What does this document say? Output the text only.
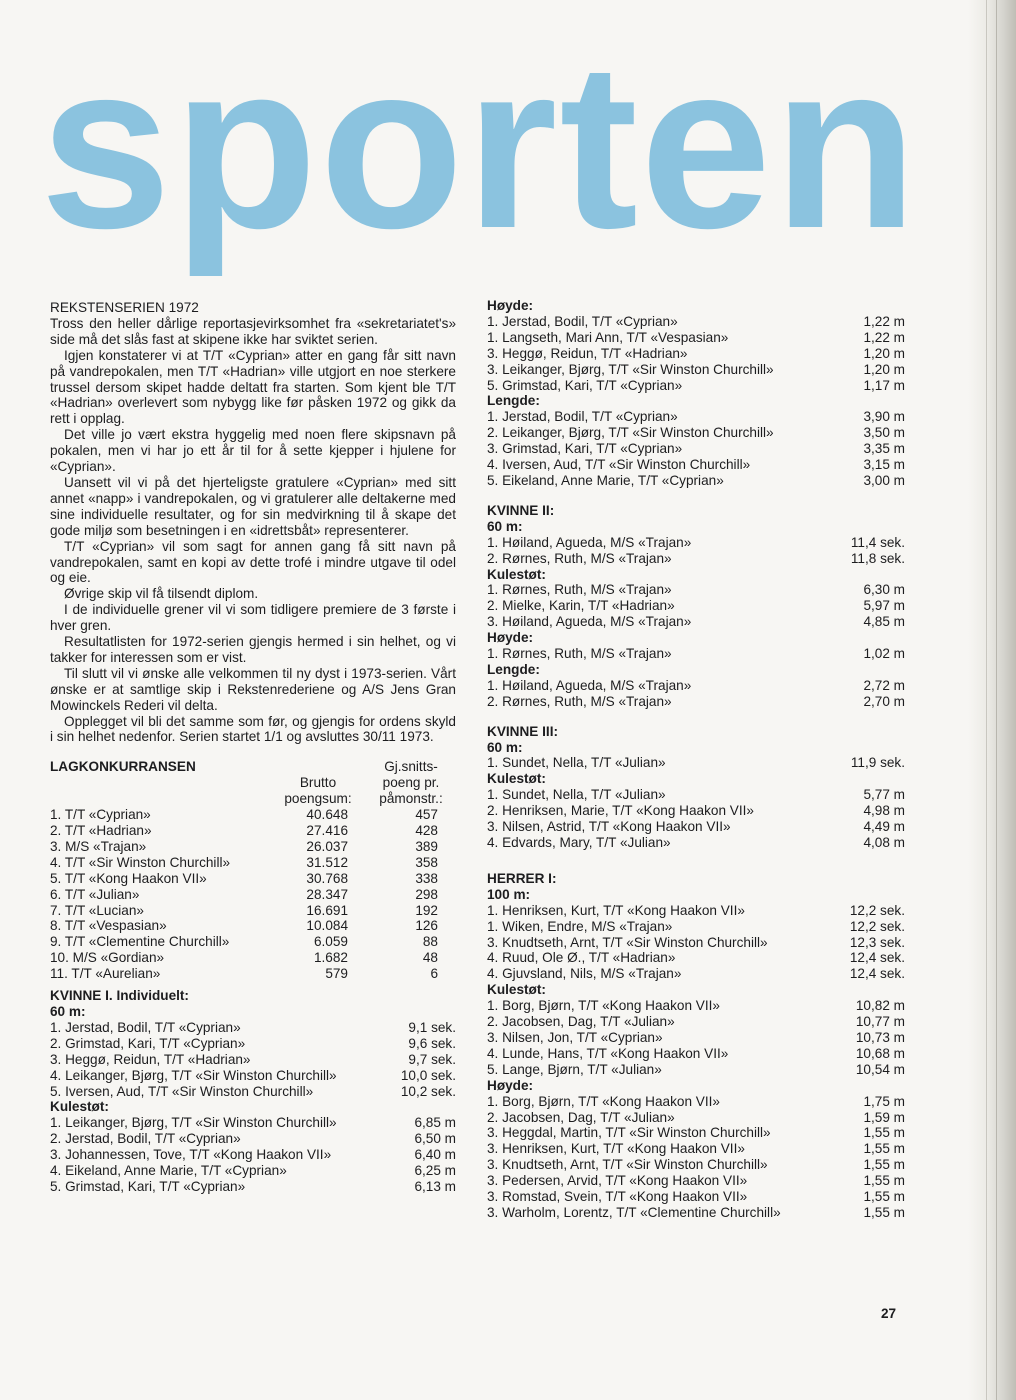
sporten
REKSTENSERIEN 1972

Tross den heller dårlige reportasjevirksomhet fra «sekretariatet's» side må det slås fast at skipene ikke har sviktet serien.

Igjen konstaterer vi at T/T «Cyprian» atter en gang får sitt navn på vandrepokalen, men T/T «Hadrian» ville utgjort en noe sterkere trussel dersom skipet hadde deltatt fra starten. Som kjent ble T/T «Hadrian» overlevert som nybygg like før påsken 1972 og gikk da rett i opplag.

Det ville jo vært ekstra hyggelig med noen flere skipsnavn på pokalen, men vi har jo ett år til for å sette kjepper i hjulene for «Cyprian».

Uansett vil vi på det hjerteligste gratulere «Cyprian» med sitt annet «napp» i vandrepokalen, og vi gratulerer alle deltakerne med sine individuelle resultater, og for sin medvirkning til å skape det gode miljø som besetningen i en «idrettsbåt» representerer.

T/T «Cyprian» vil som sagt for annen gang få sitt navn på vandrepokalen, samt en kopi av dette trofé i mindre utgave til odel og eie.

Øvrige skip vil få tilsendt diplom.

I de individuelle grener vil vi som tidligere premiere de 3 første i hver gren.

Resultatlisten for 1972-serien gjengis hermed i sin helhet, og vi takker for interessen som er vist.

Til slutt vil vi ønske alle velkommen til ny dyst i 1973-serien. Vårt ønske er at samtlige skip i Rekstenrederiene og A/S Jens Gran Mowinckels Rederi vil delta.

Opplegget vil bli det samme som før, og gjengis for ordens skyld i sin helhet nedenfor. Serien startet 1/1 og avsluttes 30/11 1973.

LAGKONKURRANSEN	Gj.snitts-
Brutto	poeng pr.
poengsum:	påmonstr.:
1. T/T «Cyprian»	40.648	457
2. T/T «Hadrian»	27.416	428
3. M/S «Trajan»	26.037	389
4. T/T «Sir Winston Churchill»	31.512	358
5. T/T «Kong Haakon VII»	30.768	338
6. T/T «Julian»	28.347	298
7. T/T «Lucian»	16.691	192
8. T/T «Vespasian»	10.084	126
9. T/T «Clementine Churchill»	6.059	88
10. M/S «Gordian»	1.682	48
11. T/T «Aurelian»	579	6
KVINNE I. Individuelt:
60 m:
1. Jerstad, Bodil, T/T «Cyprian»	9,1 sek.
2. Grimstad, Kari, T/T «Cyprian»	9,6 sek.
3. Heggø, Reidun, T/T «Hadrian»	9,7 sek.
4. Leikanger, Bjørg, T/T «Sir Winston Churchill»	10,0 sek.
5. Iversen, Aud, T/T «Sir Winston Churchill»	10,2 sek.
Kulestøt:
1. Leikanger, Bjørg, T/T «Sir Winston Churchill»	6,85 m
2. Jerstad, Bodil, T/T «Cyprian»	6,50 m
3. Johannessen, Tove, T/T «Kong Haakon VII»	6,40 m
4. Eikeland, Anne Marie, T/T «Cyprian»	6,25 m
5. Grimstad, Kari, T/T «Cyprian»	6,13 m
Høyde:
1. Jerstad, Bodil, T/T «Cyprian»	1,22 m
1. Langseth, Mari Ann, T/T «Vespasian»	1,22 m
3. Heggø, Reidun, T/T «Hadrian»	1,20 m
3. Leikanger, Bjørg, T/T «Sir Winston Churchill»	1,20 m
5. Grimstad, Kari, T/T «Cyprian»	1,17 m
Lengde:
1. Jerstad, Bodil, T/T «Cyprian»	3,90 m
2. Leikanger, Bjørg, T/T «Sir Winston Churchill»	3,50 m
3. Grimstad, Kari, T/T «Cyprian»	3,35 m
4. Iversen, Aud, T/T «Sir Winston Churchill»	3,15 m
5. Eikeland, Anne Marie, T/T «Cyprian»	3,00 m
KVINNE II:
60 m:
1. Høiland, Agueda, M/S «Trajan»	11,4 sek.
2. Rørnes, Ruth, M/S «Trajan»	11,8 sek.
Kulestøt:
1. Rørnes, Ruth, M/S «Trajan»	6,30 m
2. Mielke, Karin, T/T «Hadrian»	5,97 m
3. Høiland, Agueda, M/S «Trajan»	4,85 m
Høyde:
1. Rørnes, Ruth, M/S «Trajan»	1,02 m
Lengde:
1. Høiland, Agueda, M/S «Trajan»	2,72 m
2. Rørnes, Ruth, M/S «Trajan»	2,70 m
KVINNE III:
60 m:
1. Sundet, Nella, T/T «Julian»	11,9 sek.
Kulestøt:
1. Sundet, Nella, T/T «Julian»	5,77 m
2. Henriksen, Marie, T/T «Kong Haakon VII»	4,98 m
3. Nilsen, Astrid, T/T «Kong Haakon VII»	4,49 m
4. Edvards, Mary, T/T «Julian»	4,08 m
HERRER I:
100 m:
1. Henriksen, Kurt, T/T «Kong Haakon VII»	12,2 sek.
1. Wiken, Endre, M/S «Trajan»	12,2 sek.
3. Knudtseth, Arnt, T/T «Sir Winston Churchill»	12,3 sek.
4. Ruud, Ole Ø., T/T «Hadrian»	12,4 sek.
4. Gjuvsland, Nils, M/S «Trajan»	12,4 sek.
Kulestøt:
1. Borg, Bjørn, T/T «Kong Haakon VII»	10,82 m
2. Jacobsen, Dag, T/T «Julian»	10,77 m
3. Nilsen, Jon, T/T «Cyprian»	10,73 m
4. Lunde, Hans, T/T «Kong Haakon VII»	10,68 m
5. Lange, Bjørn, T/T «Julian»	10,54 m
Høyde:
1. Borg, Bjørn, T/T «Kong Haakon VII»	1,75 m
2. Jacobsen, Dag, T/T «Julian»	1,59 m
3. Heggdal, Martin, T/T «Sir Winston Churchill»	1,55 m
3. Henriksen, Kurt, T/T «Kong Haakon VII»	1,55 m
3. Knudtseth, Arnt, T/T «Sir Winston Churchill»	1,55 m
3. Pedersen, Arvid, T/T «Kong Haakon VII»	1,55 m
3. Romstad, Svein, T/T «Kong Haakon VII»	1,55 m
3. Warholm, Lorentz, T/T «Clementine Churchill»	1,55 m
27
